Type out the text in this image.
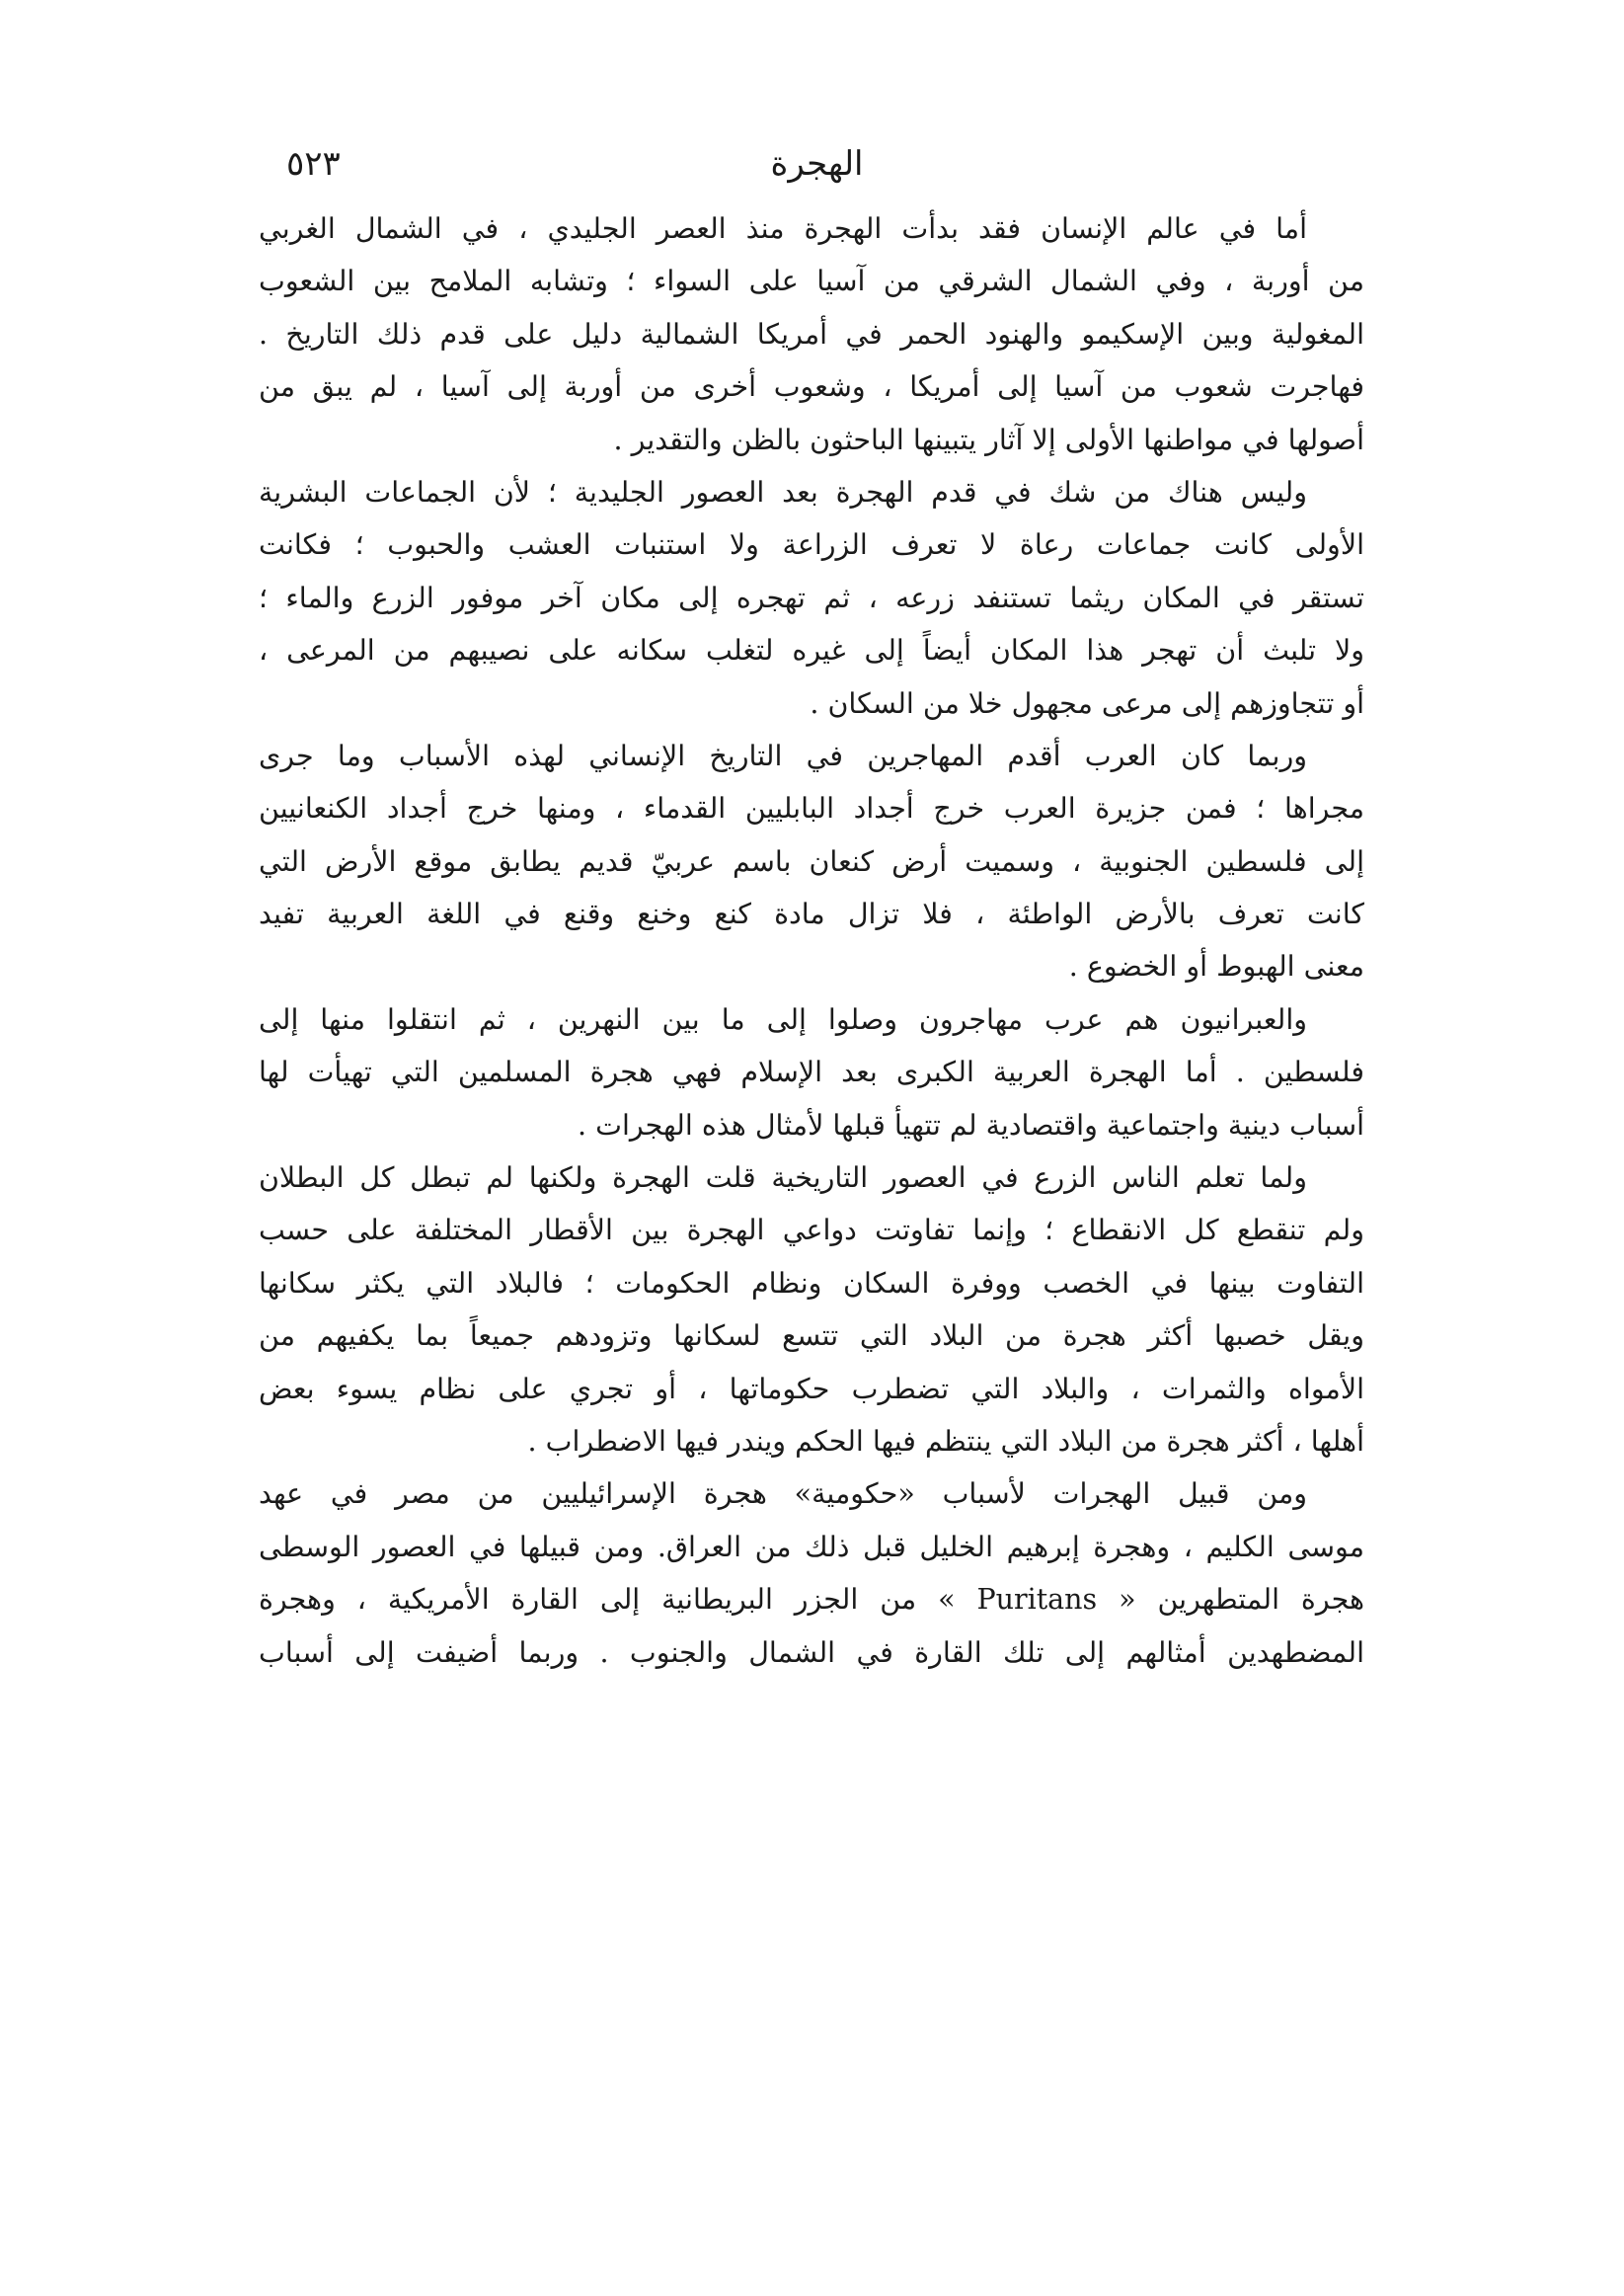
الهجرة
٥٢٣
أما في عالم الإنسان فقد بدأت الهجرة منذ العصر الجليدي ، في الشمال الغربي
من أوربة ، وفي الشمال الشرقي من آسيا على السواء ؛ وتشابه الملامح بين الشعوب
المغولية وبين الإسكيمو والهنود الحمر في أمريكا الشمالية دليل على قدم ذلك التاريخ .
فهاجرت شعوب من آسيا إلى أمريكا ، وشعوب أخرى من أوربة إلى آسيا ، لم يبق من
أصولها في مواطنها الأولى إلا آثار يتبينها الباحثون بالظن والتقدير .
وليس هناك من شك في قدم الهجرة بعد العصور الجليدية ؛ لأن الجماعات البشرية
الأولى كانت جماعات رعاة لا تعرف الزراعة ولا استنبات العشب والحبوب ؛ فكانت
تستقر في المكان ريثما تستنفد زرعه ، ثم تهجره إلى مكان آخر موفور الزرع والماء ؛
ولا تلبث أن تهجر هذا المكان أيضاً إلى غيره لتغلب سكانه على نصيبهم من المرعى ،
أو تتجاوزهم إلى مرعى مجهول خلا من السكان .
وربما كان العرب أقدم المهاجرين في التاريخ الإنساني لهذه الأسباب وما جرى
مجراها ؛ فمن جزيرة العرب خرج أجداد البابليين القدماء ، ومنها خرج أجداد الكنعانيين
إلى فلسطين الجنوبية ، وسميت أرض كنعان باسم عربيّ قديم يطابق موقع الأرض التي
كانت تعرف بالأرض الواطئة ، فلا تزال مادة كنع وخنع وقنع في اللغة العربية تفيد
معنى الهبوط أو الخضوع .
والعبرانيون هم عرب مهاجرون وصلوا إلى ما بين النهرين ، ثم انتقلوا منها إلى
فلسطين . أما الهجرة العربية الكبرى بعد الإسلام فهي هجرة المسلمين التي تهيأت لها
أسباب دينية واجتماعية واقتصادية لم تتهيأ قبلها لأمثال هذه الهجرات .
ولما تعلم الناس الزرع في العصور التاريخية قلت الهجرة ولكنها لم تبطل كل البطلان
ولم تنقطع كل الانقطاع ؛ وإنما تفاوتت دواعي الهجرة بين الأقطار المختلفة على حسب
التفاوت بينها في الخصب ووفرة السكان ونظام الحكومات ؛ فالبلاد التي يكثر سكانها
ويقل خصبها أكثر هجرة من البلاد التي تتسع لسكانها وتزودهم جميعاً بما يكفيهم من
الأمواه والثمرات ، والبلاد التي تضطرب حكوماتها ، أو تجري على نظام يسوء بعض
أهلها ، أكثر هجرة من البلاد التي ينتظم فيها الحكم ويندر فيها الاضطراب .
ومن قبيل الهجرات لأسباب «حكومية» هجرة الإسرائيليين من مصر في عهد
موسى الكليم ، وهجرة إبرهيم الخليل قبل ذلك من العراق. ومن قبيلها في العصور الوسطى
هجرة المتطهرين « Puritans » من الجزر البريطانية إلى القارة الأمريكية ، وهجرة
المضطهدين أمثالهم إلى تلك القارة في الشمال والجنوب . وربما أضيفت إلى أسباب
